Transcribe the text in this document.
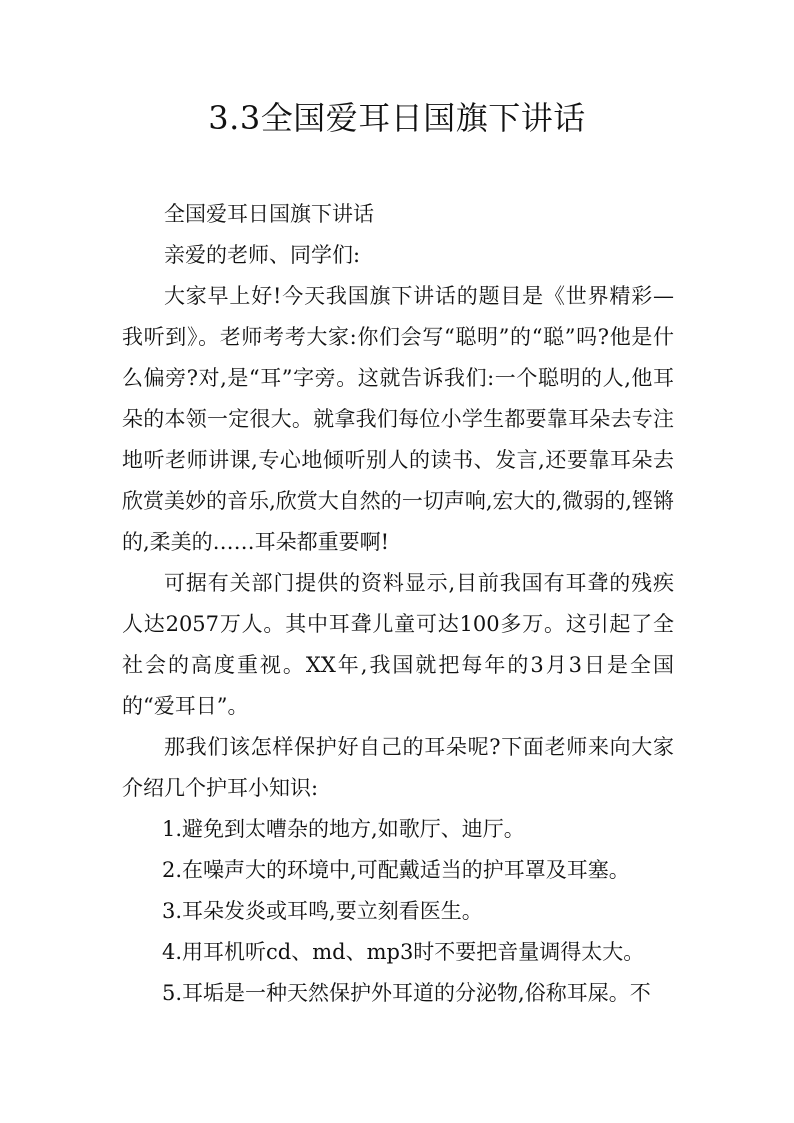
3.3全国爱耳日国旗下讲话

全国爱耳日国旗下讲话

亲爱的老师、同学们:

大家早上好!今天我国旗下讲话的题目是《世界精彩—我听到》。老师考考大家:你们会写“聪明”的“聪”吗?他是什么偏旁?对,是“耳”字旁。这就告诉我们:一个聪明的人,他耳朵的本领一定很大。就拿我们每位小学生都要靠耳朵去专注地听老师讲课,专心地倾听别人的读书、发言,还要靠耳朵去欣赏美妙的音乐,欣赏大自然的一切声响,宏大的,微弱的,铿锵的,柔美的……耳朵都重要啊!

可据有关部门提供的资料显示,目前我国有耳聋的残疾人达2057万人。其中耳聋儿童可达100多万。这引起了全社会的高度重视。XX年,我国就把每年的3月3日是全国的“爱耳日”。

那我们该怎样保护好自己的耳朵呢?下面老师来向大家介绍几个护耳小知识:

1.避免到太嘈杂的地方,如歌厅、迪厅。

2.在噪声大的环境中,可配戴适当的护耳罩及耳塞。

3.耳朵发炎或耳鸣,要立刻看医生。

4.用耳机听cd、md、mp3时不要把音量调得太大。

5.耳垢是一种天然保护外耳道的分泌物,俗称耳屎。不
